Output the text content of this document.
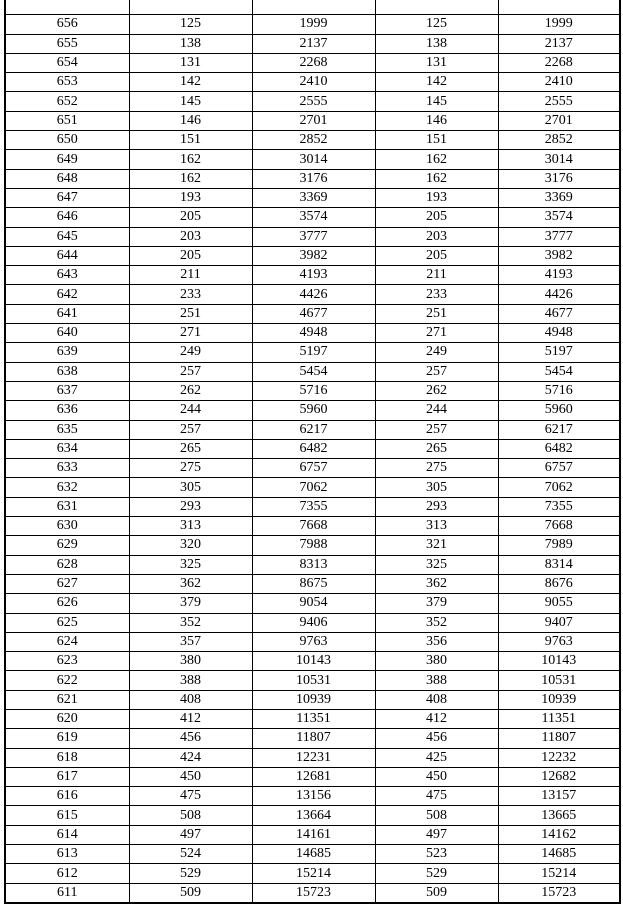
656	125	1999	125	1999
655	138	2137	138	2137
654	131	2268	131	2268
653	142	2410	142	2410
652	145	2555	145	2555
651	146	2701	146	2701
650	151	2852	151	2852
649	162	3014	162	3014
648	162	3176	162	3176
647	193	3369	193	3369
646	205	3574	205	3574
645	203	3777	203	3777
644	205	3982	205	3982
643	211	4193	211	4193
642	233	4426	233	4426
641	251	4677	251	4677
640	271	4948	271	4948
639	249	5197	249	5197
638	257	5454	257	5454
637	262	5716	262	5716
636	244	5960	244	5960
635	257	6217	257	6217
634	265	6482	265	6482
633	275	6757	275	6757
632	305	7062	305	7062
631	293	7355	293	7355
630	313	7668	313	7668
629	320	7988	321	7989
628	325	8313	325	8314
627	362	8675	362	8676
626	379	9054	379	9055
625	352	9406	352	9407
624	357	9763	356	9763
623	380	10143	380	10143
622	388	10531	388	10531
621	408	10939	408	10939
620	412	11351	412	11351
619	456	11807	456	11807
618	424	12231	425	12232
617	450	12681	450	12682
616	475	13156	475	13157
615	508	13664	508	13665
614	497	14161	497	14162
613	524	14685	523	14685
612	529	15214	529	15214
611	509	15723	509	15723
